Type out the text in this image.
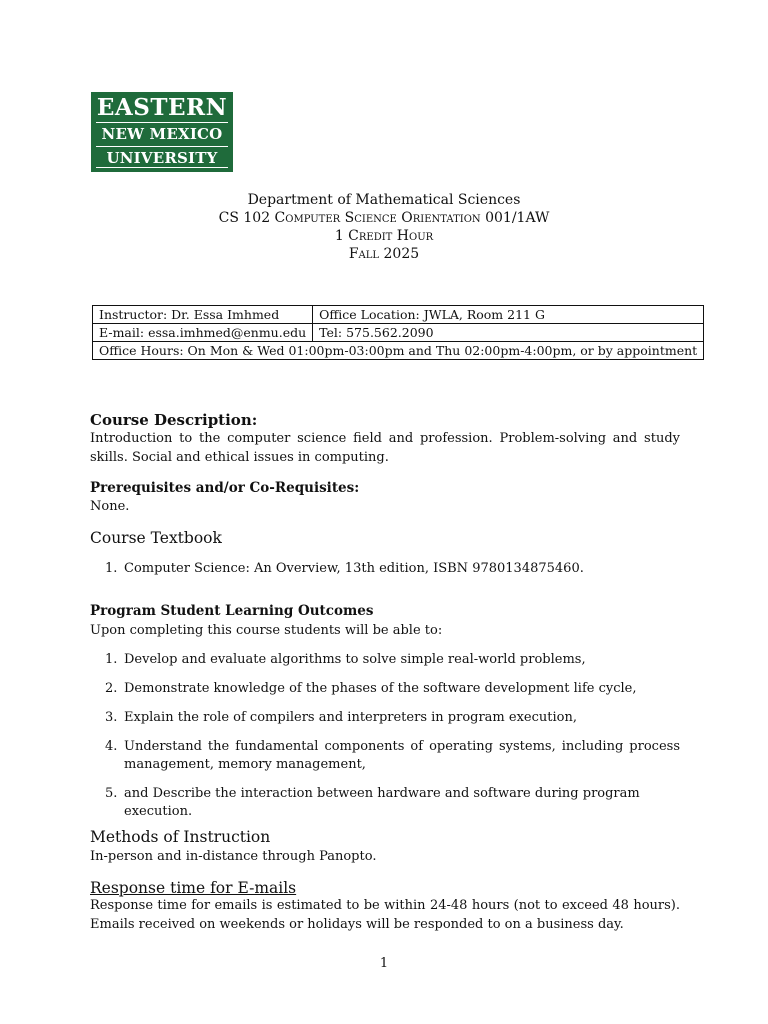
EASTERN
NEW MEXICO
UNIVERSITY
Department of Mathematical Sciences
CS 102 Computer Science Orientation 001/1AW
1 Credit Hour
Fall 2025
Instructor: Dr. Essa Imhmed	Office Location: JWLA, Room 211 G
E-mail: essa.imhmed@enmu.edu	Tel: 575.562.2090
Office Hours: On Mon & Wed 01:00pm-03:00pm and Thu 02:00pm-4:00pm, or by appointment	
Course Description:
Introduction to the computer science field and profession. Problem-solving and study skills. Social and ethical issues in computing.
Prerequisites and/or Co-Requisites:
None.
Course Textbook
1. Computer Science: An Overview, 13th edition, ISBN 9780134875460.
Program Student Learning Outcomes
Upon completing this course students will be able to:
1. Develop and evaluate algorithms to solve simple real-world problems,
2. Demonstrate knowledge of the phases of the software development life cycle,
3. Explain the role of compilers and interpreters in program execution,
4. Understand the fundamental components of operating systems, including process management, memory management,
5. and Describe the interaction between hardware and software during program execution.
Methods of Instruction
In-person and in-distance through Panopto.
Response time for E-mails
Response time for emails is estimated to be within 24-48 hours (not to exceed 48 hours). Emails received on weekends or holidays will be responded to on a business day.
1
